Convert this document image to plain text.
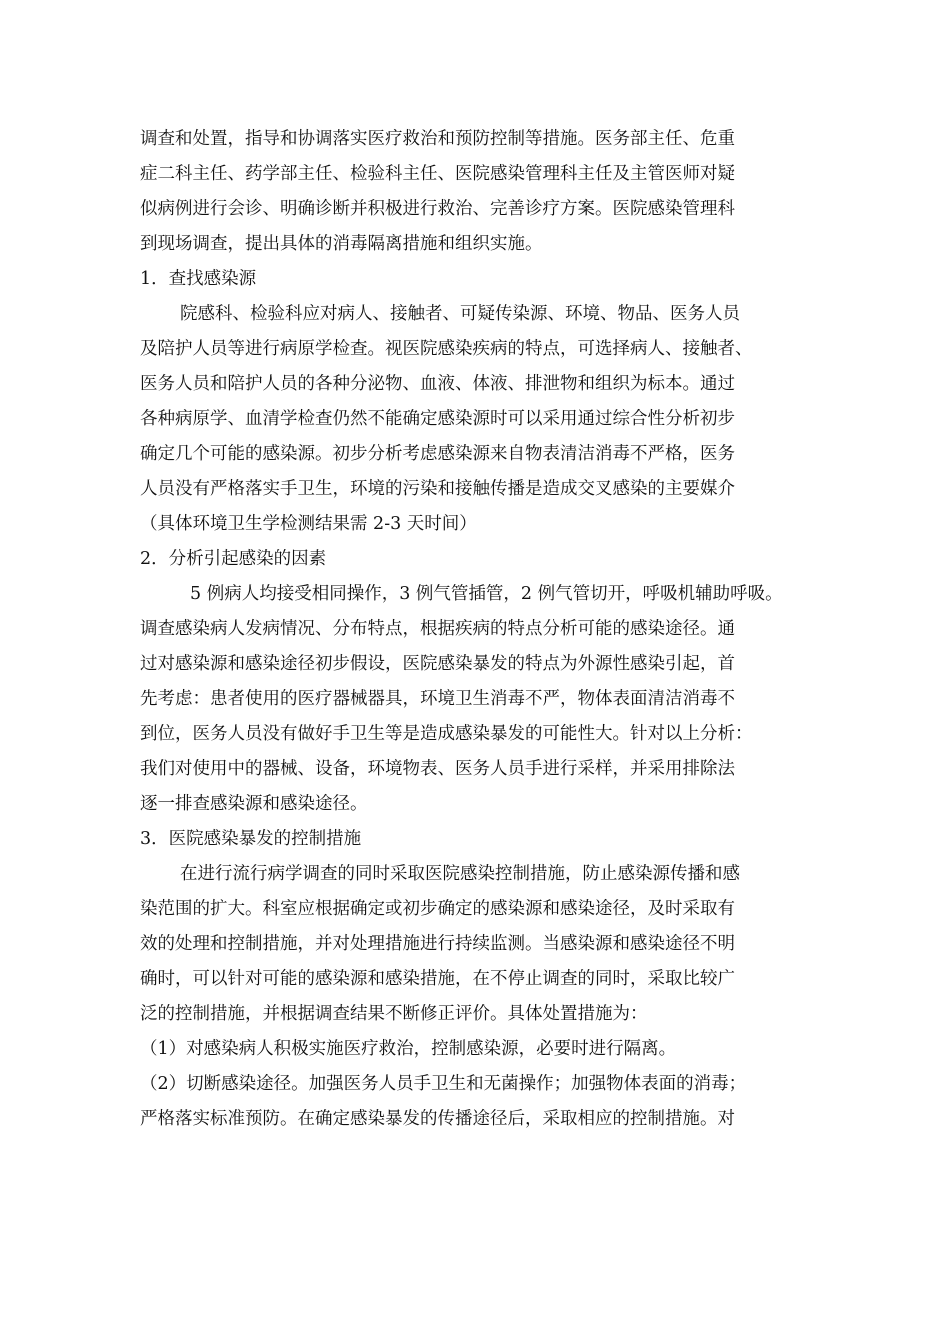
调查和处置，指导和协调落实医疗救治和预防控制等措施。医务部主任、危重
症二科主任、药学部主任、检验科主任、医院感染管理科主任及主管医师对疑
似病例进行会诊、明确诊断并积极进行救治、完善诊疗方案。医院感染管理科
到现场调查，提出具体的消毒隔离措施和组织实施。
1．查找感染源
院感科、检验科应对病人、接触者、可疑传染源、环境、物品、医务人员
及陪护人员等进行病原学检查。视医院感染疾病的特点，可选择病人、接触者、
医务人员和陪护人员的各种分泌物、血液、体液、排泄物和组织为标本。通过
各种病原学、血清学检查仍然不能确定感染源时可以采用通过综合性分析初步
确定几个可能的感染源。初步分析考虑感染源来自物表清洁消毒不严格，医务
人员没有严格落实手卫生，环境的污染和接触传播是造成交叉感染的主要媒介
（具体环境卫生学检测结果需 2-3 天时间）
2．分析引起感染的因素
5 例病人均接受相同操作，3 例气管插管，2 例气管切开，呼吸机辅助呼吸。
调查感染病人发病情况、分布特点，根据疾病的特点分析可能的感染途径。通
过对感染源和感染途径初步假设，医院感染暴发的特点为外源性感染引起，首
先考虑：患者使用的医疗器械器具，环境卫生消毒不严，物体表面清洁消毒不
到位，医务人员没有做好手卫生等是造成感染暴发的可能性大。针对以上分析：
我们对使用中的器械、设备，环境物表、医务人员手进行采样，并采用排除法
逐一排查感染源和感染途径。
3．医院感染暴发的控制措施
在进行流行病学调查的同时采取医院感染控制措施，防止感染源传播和感
染范围的扩大。科室应根据确定或初步确定的感染源和感染途径，及时采取有
效的处理和控制措施，并对处理措施进行持续监测。当感染源和感染途径不明
确时，可以针对可能的感染源和感染措施，在不停止调查的同时，采取比较广
泛的控制措施，并根据调查结果不断修正评价。具体处置措施为：
（1）对感染病人积极实施医疗救治，控制感染源，必要时进行隔离。
（2）切断感染途径。加强医务人员手卫生和无菌操作；加强物体表面的消毒；
严格落实标准预防。在确定感染暴发的传播途径后，采取相应的控制措施。对
